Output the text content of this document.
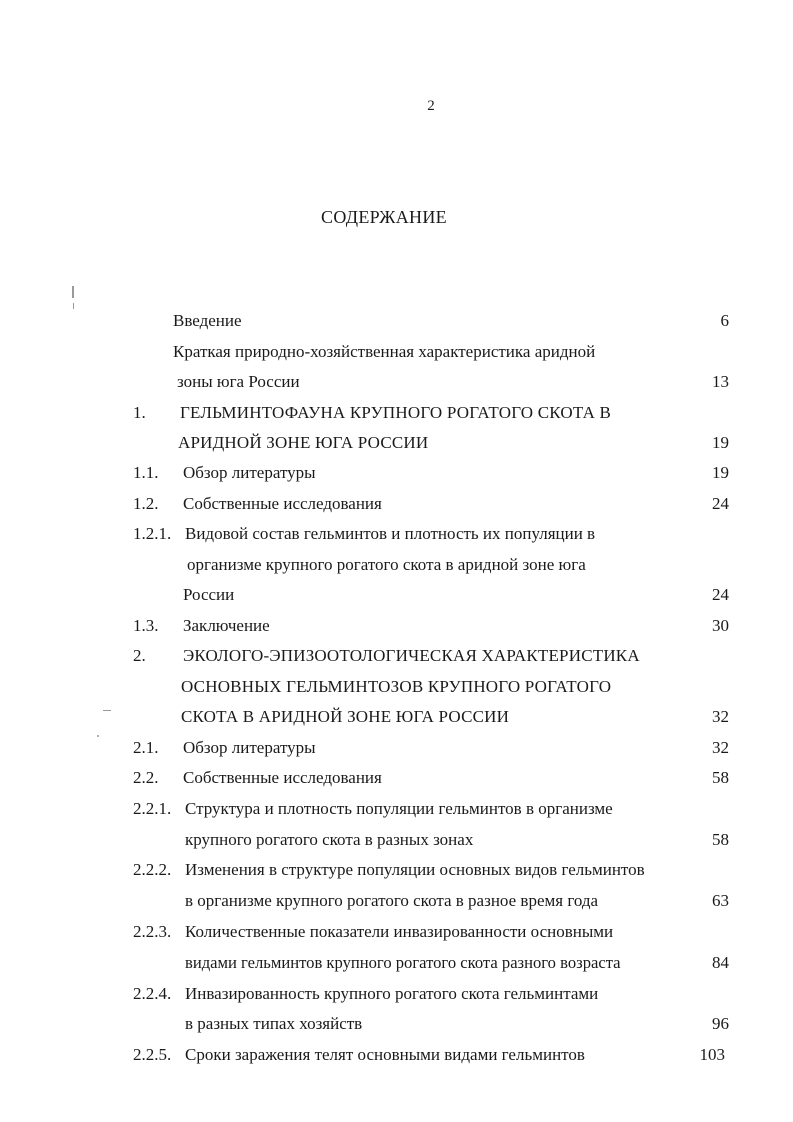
2
СОДЕРЖАНИЕ
Введение	6
Краткая природно-хозяйственная характеристика аридной
зоны юга России	13
1. ГЕЛЬМИНТОФАУНА КРУПНОГО РОГАТОГО СКОТА В
АРИДНОЙ ЗОНЕ ЮГА РОССИИ	19
1.1. Обзор литературы	19
1.2. Собственные исследования	24
1.2.1. Видовой состав гельминтов и плотность их популяции в
организме крупного рогатого скота в аридной зоне юга
России	24
1.3. Заключение	30
2. ЭКОЛОГО-ЭПИЗООТОЛОГИЧЕСКАЯ ХАРАКТЕРИСТИКА
ОСНОВНЫХ ГЕЛЬМИНТОЗОВ КРУПНОГО РОГАТОГО
СКОТА В АРИДНОЙ ЗОНЕ ЮГА РОССИИ	32
2.1. Обзор литературы	32
2.2. Собственные исследования	58
2.2.1. Структура и плотность популяции гельминтов в организме
крупного рогатого скота в разных зонах	58
2.2.2. Изменения в структуре популяции основных видов гельминтов
в организме крупного рогатого скота в разное время года	63
2.2.3. Количественные показатели инвазированности основными
видами гельминтов крупного рогатого скота разного возраста	84
2.2.4. Инвазированность крупного рогатого скота гельминтами
в разных типах хозяйств	96
2.2.5. Сроки заражения телят основными видами гельминтов	103
